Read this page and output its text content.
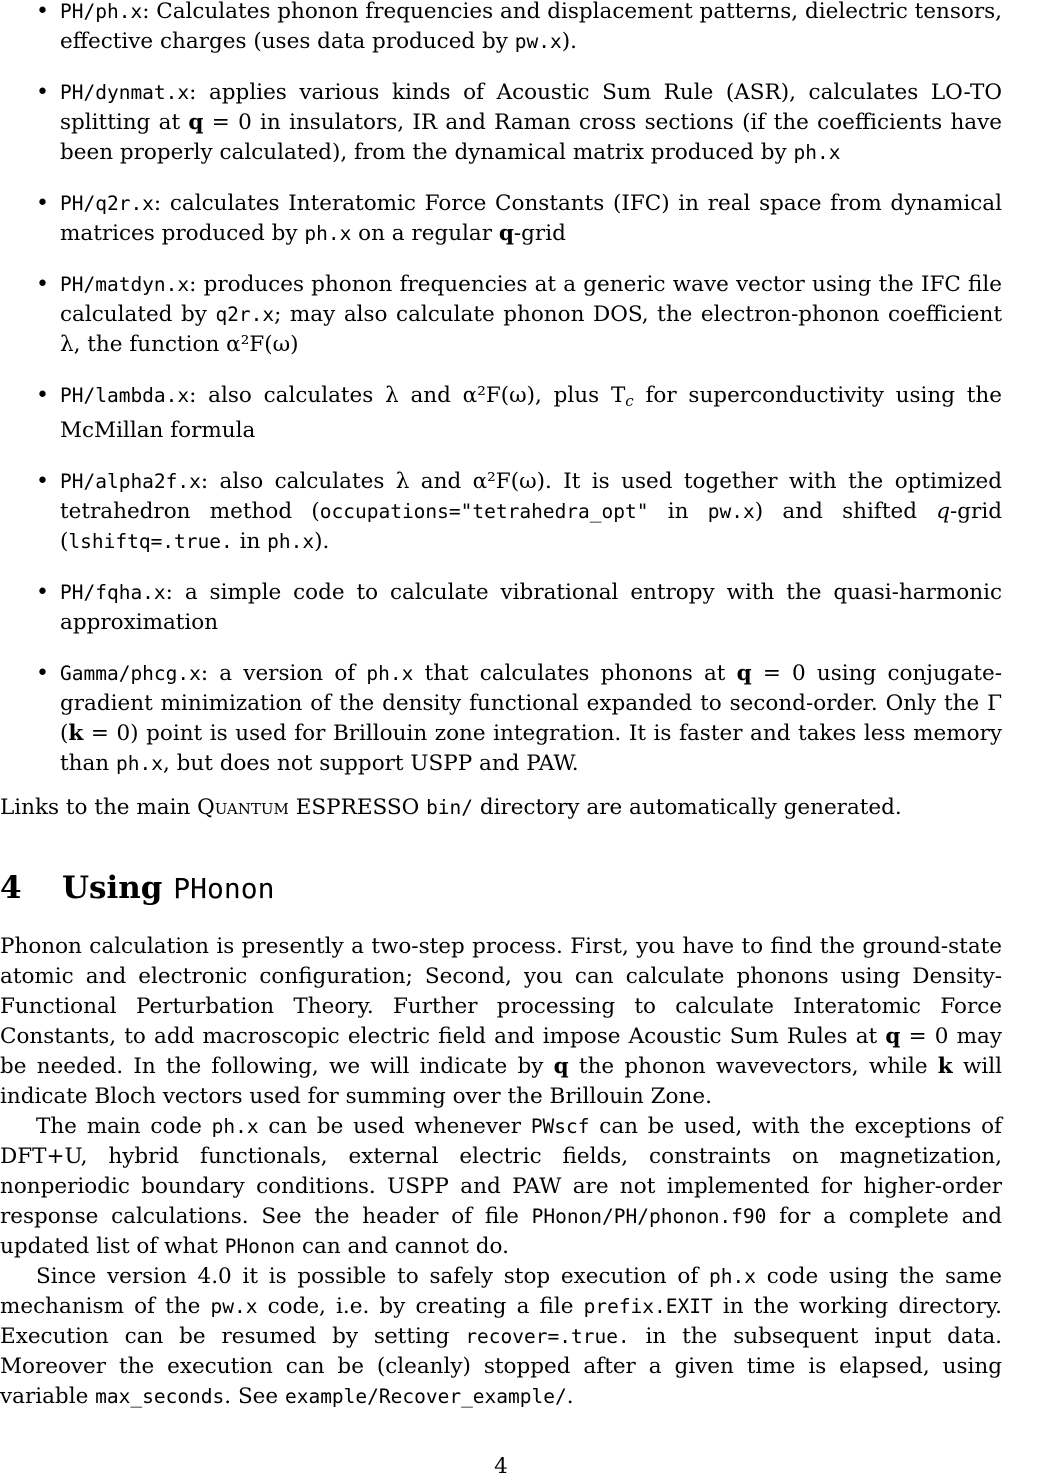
• PH/ph.x: Calculates phonon frequencies and displacement patterns, dielectric tensors, effective charges (uses data produced by pw.x).
• PH/dynmat.x: applies various kinds of Acoustic Sum Rule (ASR), calculates LO-TO splitting at q = 0 in insulators, IR and Raman cross sections (if the coefficients have been properly calculated), from the dynamical matrix produced by ph.x
• PH/q2r.x: calculates Interatomic Force Constants (IFC) in real space from dynamical matrices produced by ph.x on a regular q-grid
• PH/matdyn.x: produces phonon frequencies at a generic wave vector using the IFC file calculated by q2r.x; may also calculate phonon DOS, the electron-phonon coefficient λ, the function α²F(ω)
• PH/lambda.x: also calculates λ and α²F(ω), plus Tc for superconductivity using the McMillan formula
• PH/alpha2f.x: also calculates λ and α²F(ω). It is used together with the optimized tetrahedron method (occupations="tetrahedra_opt" in pw.x) and shifted q-grid (lshiftq=.true. in ph.x).
• PH/fqha.x: a simple code to calculate vibrational entropy with the quasi-harmonic approximation
• Gamma/phcg.x: a version of ph.x that calculates phonons at q = 0 using conjugate-gradient minimization of the density functional expanded to second-order. Only the Γ (k = 0) point is used for Brillouin zone integration. It is faster and takes less memory than ph.x, but does not support USPP and PAW.

Links to the main Quantum ESPRESSO bin/ directory are automatically generated.

4 Using PHonon

Phonon calculation is presently a two-step process. First, you have to find the ground-state atomic and electronic configuration; Second, you can calculate phonons using Density-Functional Perturbation Theory. Further processing to calculate Interatomic Force Constants, to add macroscopic electric field and impose Acoustic Sum Rules at q = 0 may be needed. In the following, we will indicate by q the phonon wavevectors, while k will indicate Bloch vectors used for summing over the Brillouin Zone.

The main code ph.x can be used whenever PWscf can be used, with the exceptions of DFT+U, hybrid functionals, external electric fields, constraints on magnetization, nonperiodic boundary conditions. USPP and PAW are not implemented for higher-order response calculations. See the header of file PHonon/PH/phonon.f90 for a complete and updated list of what PHonon can and cannot do.

Since version 4.0 it is possible to safely stop execution of ph.x code using the same mechanism of the pw.x code, i.e. by creating a file prefix.EXIT in the working directory. Execution can be resumed by setting recover=.true. in the subsequent input data. Moreover the execution can be (cleanly) stopped after a given time is elapsed, using variable max_seconds. See example/Recover_example/.

4
